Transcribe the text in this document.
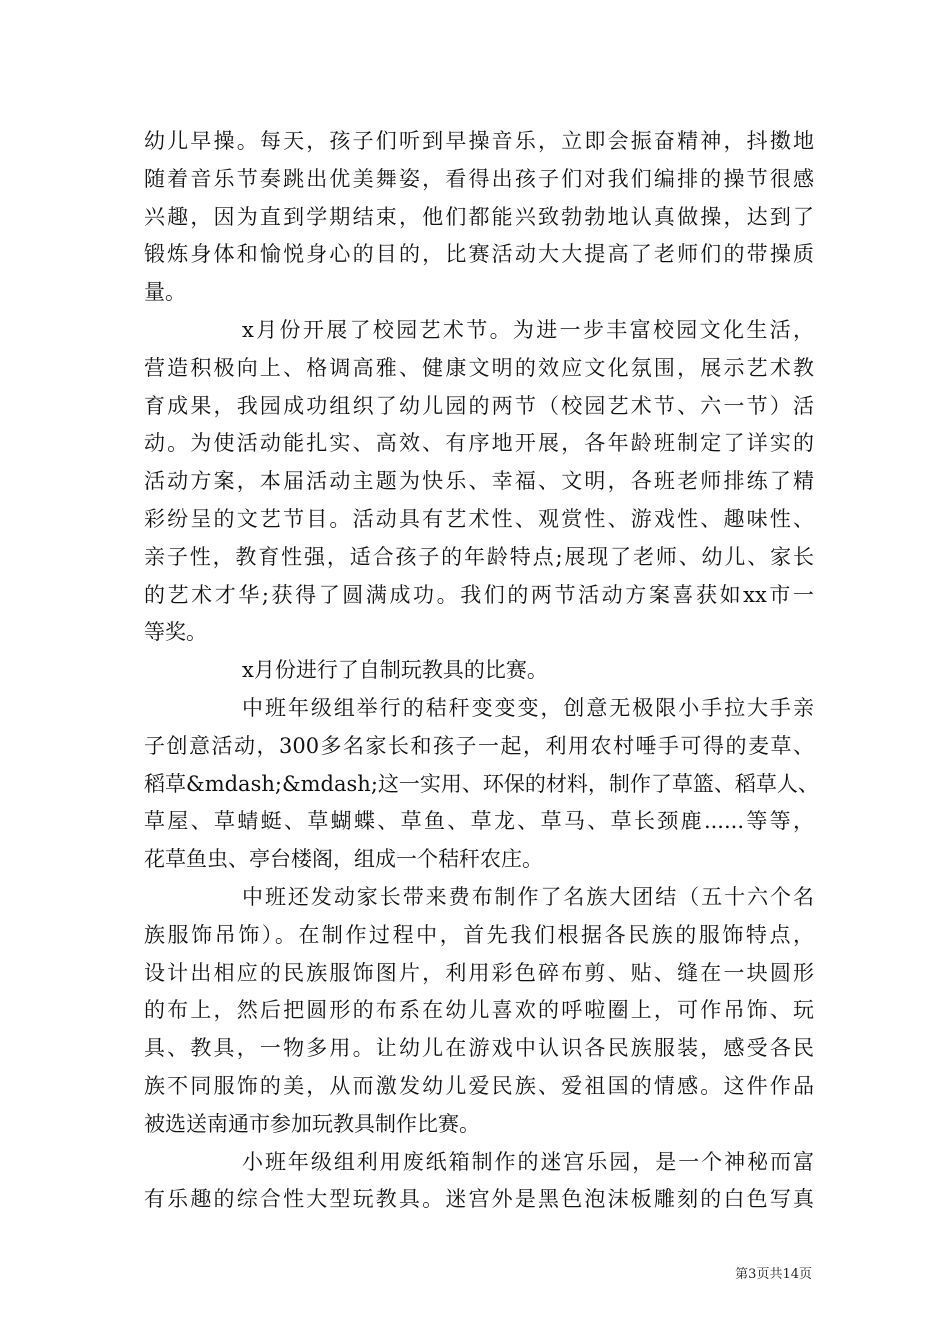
幼儿早操。每天，孩子们听到早操音乐，立即会振奋精神，抖擞地
随着音乐节奏跳出优美舞姿，看得出孩子们对我们编排的操节很感
兴趣，因为直到学期结束，他们都能兴致勃勃地认真做操，达到了
锻炼身体和愉悦身心的目的，比赛活动大大提高了老师们的带操质
量。
x月份开展了校园艺术节。为进一步丰富校园文化生活，
营造积极向上、格调高雅、健康文明的效应文化氛围，展示艺术教
育成果，我园成功组织了幼儿园的两节（校园艺术节、六一节）活
动。为使活动能扎实、高效、有序地开展，各年龄班制定了详实的
活动方案，本届活动主题为快乐、幸福、文明，各班老师排练了精
彩纷呈的文艺节目。活动具有艺术性、观赏性、游戏性、趣味性、
亲子性，教育性强，适合孩子的年龄特点;展现了老师、幼儿、家长
的艺术才华;获得了圆满成功。我们的两节活动方案喜获如xx市一
等奖。
x月份进行了自制玩教具的比赛。
中班年级组举行的秸秆变变变，创意无极限小手拉大手亲
子创意活动，300多名家长和孩子一起，利用农村唾手可得的麦草、
稻草&mdash;&mdash;这一实用、环保的材料，制作了草篮、稻草人、
草屋、草蜻蜓、草蝴蝶、草鱼、草龙、草马、草长颈鹿......等等，
花草鱼虫、亭台楼阁，组成一个秸秆农庄。
中班还发动家长带来费布制作了名族大团结（五十六个名
族服饰吊饰）。在制作过程中，首先我们根据各民族的服饰特点，
设计出相应的民族服饰图片，利用彩色碎布剪、贴、缝在一块圆形
的布上，然后把圆形的布系在幼儿喜欢的呼啦圈上，可作吊饰、玩
具、教具，一物多用。让幼儿在游戏中认识各民族服装，感受各民
族不同服饰的美，从而激发幼儿爱民族、爱祖国的情感。这件作品
被选送南通市参加玩教具制作比赛。
小班年级组利用废纸箱制作的迷宫乐园，是一个神秘而富
有乐趣的综合性大型玩教具。迷宫外是黑色泡沫板雕刻的白色写真
第3页共14页
